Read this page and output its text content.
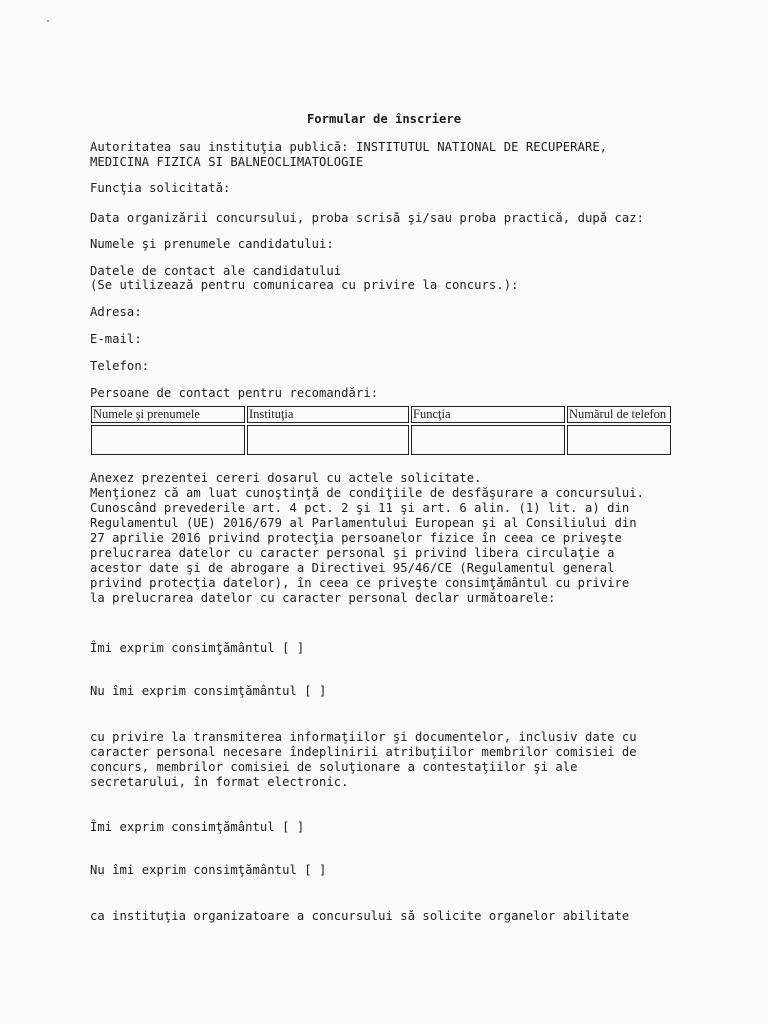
Formular de înscriere
Autoritatea sau instituţia publică: INSTITUTUL NATIONAL DE RECUPERARE,
MEDICINA FIZICA SI BALNEOCLIMATOLOGIE
Funcţia solicitată:
Data organizării concursului, proba scrisă şi/sau proba practică, după caz:
Numele şi prenumele candidatului:
Datele de contact ale candidatului
(Se utilizează pentru comunicarea cu privire la concurs.):
Adresa:
E-mail:
Telefon:
Persoane de contact pentru recomandări:
Numele şi prenumele	Instituţia	Funcţia	Numărul de telefon

Anexez prezentei cereri dosarul cu actele solicitate.
Menţionez că am luat cunoştinţă de condiţiile de desfăşurare a concursului.
Cunoscând prevederile art. 4 pct. 2 şi 11 şi art. 6 alin. (1) lit. a) din
Regulamentul (UE) 2016/679 al Parlamentului European şi al Consiliului din
27 aprilie 2016 privind protecţia persoanelor fizice în ceea ce priveşte
prelucrarea datelor cu caracter personal şi privind libera circulaţie a
acestor date şi de abrogare a Directivei 95/46/CE (Regulamentul general
privind protecţia datelor), în ceea ce priveşte consimţământul cu privire
la prelucrarea datelor cu caracter personal declar următoarele:
Îmi exprim consimţământul [ ]
Nu îmi exprim consimţământul [ ]
cu privire la transmiterea informaţiilor şi documentelor, inclusiv date cu
caracter personal necesare îndeplinirii atribuţiilor membrilor comisiei de
concurs, membrilor comisiei de soluţionare a contestaţiilor şi ale
secretarului, în format electronic.
Îmi exprim consimţământul [ ]
Nu îmi exprim consimţământul [ ]
ca instituţia organizatoare a concursului să solicite organelor abilitate
